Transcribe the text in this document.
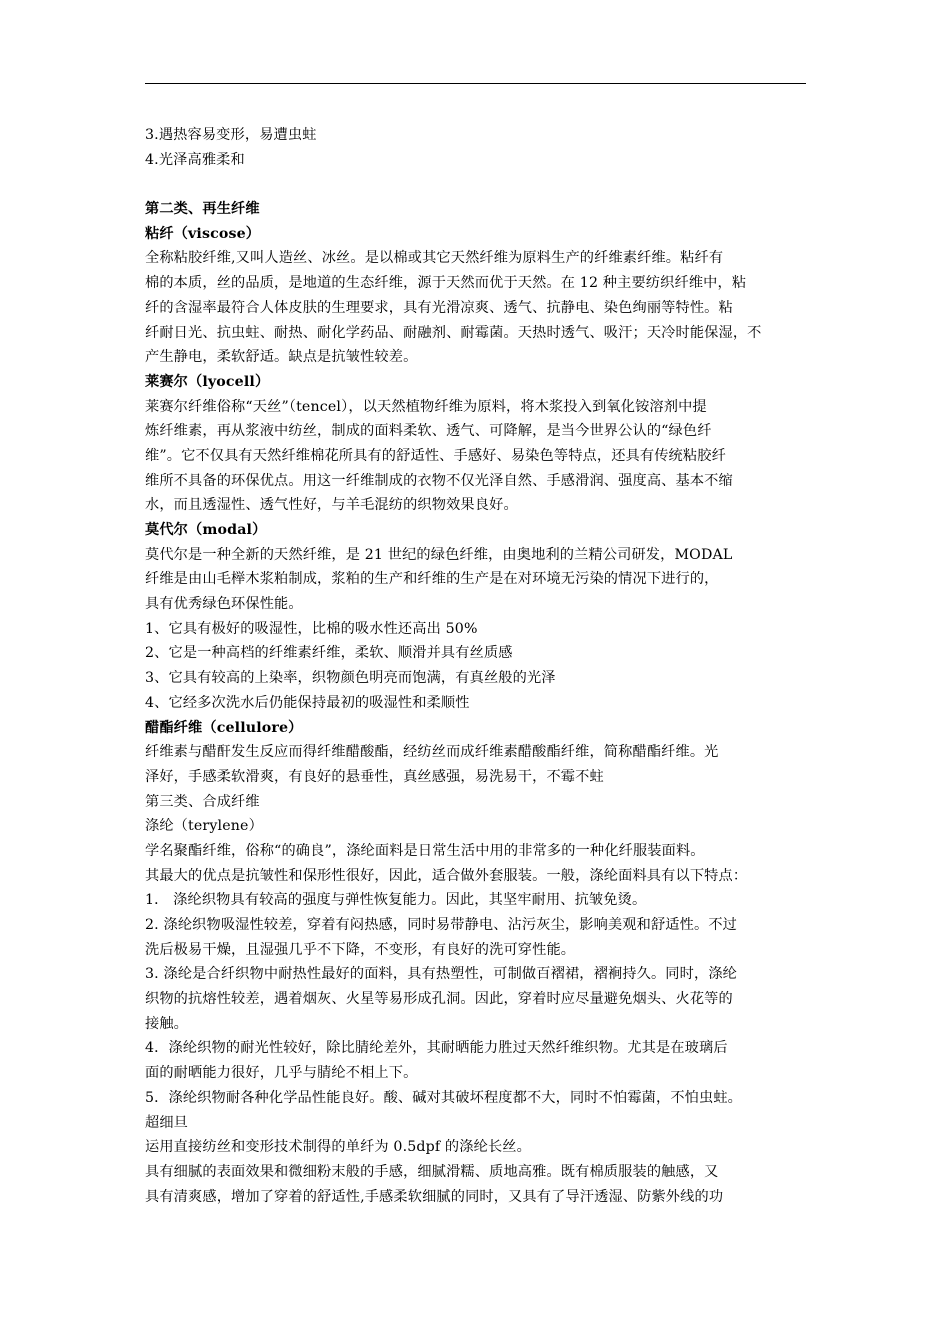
3.遇热容易变形，易遭虫蛀
4.光泽高雅柔和
第二类、再生纤维
粘纤（viscose）
全称粘胶纤维,又叫人造丝、冰丝。是以棉或其它天然纤维为原料生产的纤维素纤维。粘纤有
棉的本质，丝的品质，是地道的生态纤维，源于天然而优于天然。在 12 种主要纺织纤维中，粘
纤的含湿率最符合人体皮肤的生理要求，具有光滑凉爽、透气、抗静电、染色绚丽等特性。粘
纤耐日光、抗虫蛀、耐热、耐化学药品、耐融剂、耐霉菌。天热时透气、吸汗；天冷时能保湿，不
产生静电，柔软舒适。缺点是抗皱性较差。
莱赛尔（lyocell）
莱赛尔纤维俗称“天丝”（tencel），以天然植物纤维为原料，将木浆投入到氧化铵溶剂中提
炼纤维素，再从浆液中纺丝，制成的面料柔软、透气、可降解，是当今世界公认的“绿色纤
维”。它不仅具有天然纤维棉花所具有的舒适性、手感好、易染色等特点，还具有传统粘胶纤
维所不具备的环保优点。用这一纤维制成的衣物不仅光泽自然、手感滑润、强度高、基本不缩
水，而且透湿性、透气性好，与羊毛混纺的织物效果良好。
莫代尔（modal）
莫代尔是一种全新的天然纤维，是 21 世纪的绿色纤维，由奥地利的兰精公司研发，MODAL
纤维是由山毛榉木浆粕制成，浆粕的生产和纤维的生产是在对环境无污染的情况下进行的，
具有优秀绿色环保性能。
1、它具有极好的吸湿性，比棉的吸水性还高出 50%
2、它是一种高档的纤维素纤维，柔软、顺滑并具有丝质感
3、它具有较高的上染率，织物颜色明亮而饱满，有真丝般的光泽
4、它经多次洗水后仍能保持最初的吸湿性和柔顺性
醋酯纤维（cellulore）
纤维素与醋酐发生反应而得纤维醋酸酯，经纺丝而成纤维素醋酸酯纤维，简称醋酯纤维。光
泽好，手感柔软滑爽，有良好的悬垂性，真丝感强，易洗易干，不霉不蛀
第三类、合成纤维
涤纶（terylene）
学名聚酯纤维，俗称“的确良”，涤纶面料是日常生活中用的非常多的一种化纤服装面料。
其最大的优点是抗皱性和保形性很好，因此，适合做外套服装。一般，涤纶面料具有以下特点：
1． 涤纶织物具有较高的强度与弹性恢复能力。因此，其坚牢耐用、抗皱免烫。
2. 涤纶织物吸湿性较差，穿着有闷热感，同时易带静电、沾污灰尘，影响美观和舒适性。不过
洗后极易干燥，且湿强几乎不下降，不变形，有良好的洗可穿性能。
3. 涤纶是合纤织物中耐热性最好的面料，具有热塑性，可制做百褶裙，褶裥持久。同时，涤纶
织物的抗熔性较差，遇着烟灰、火星等易形成孔洞。因此，穿着时应尽量避免烟头、火花等的
接触。
4．涤纶织物的耐光性较好，除比腈纶差外，其耐晒能力胜过天然纤维织物。尤其是在玻璃后
面的耐晒能力很好，几乎与腈纶不相上下。
5．涤纶织物耐各种化学品性能良好。酸、碱对其破坏程度都不大，同时不怕霉菌，不怕虫蛀。
超细旦
运用直接纺丝和变形技术制得的单纤为 0.5dpf 的涤纶长丝。
具有细腻的表面效果和微细粉末般的手感，细腻滑糯、质地高雅。既有棉质服装的触感，又
具有清爽感，增加了穿着的舒适性,手感柔软细腻的同时，又具有了导汗透湿、防紫外线的功
